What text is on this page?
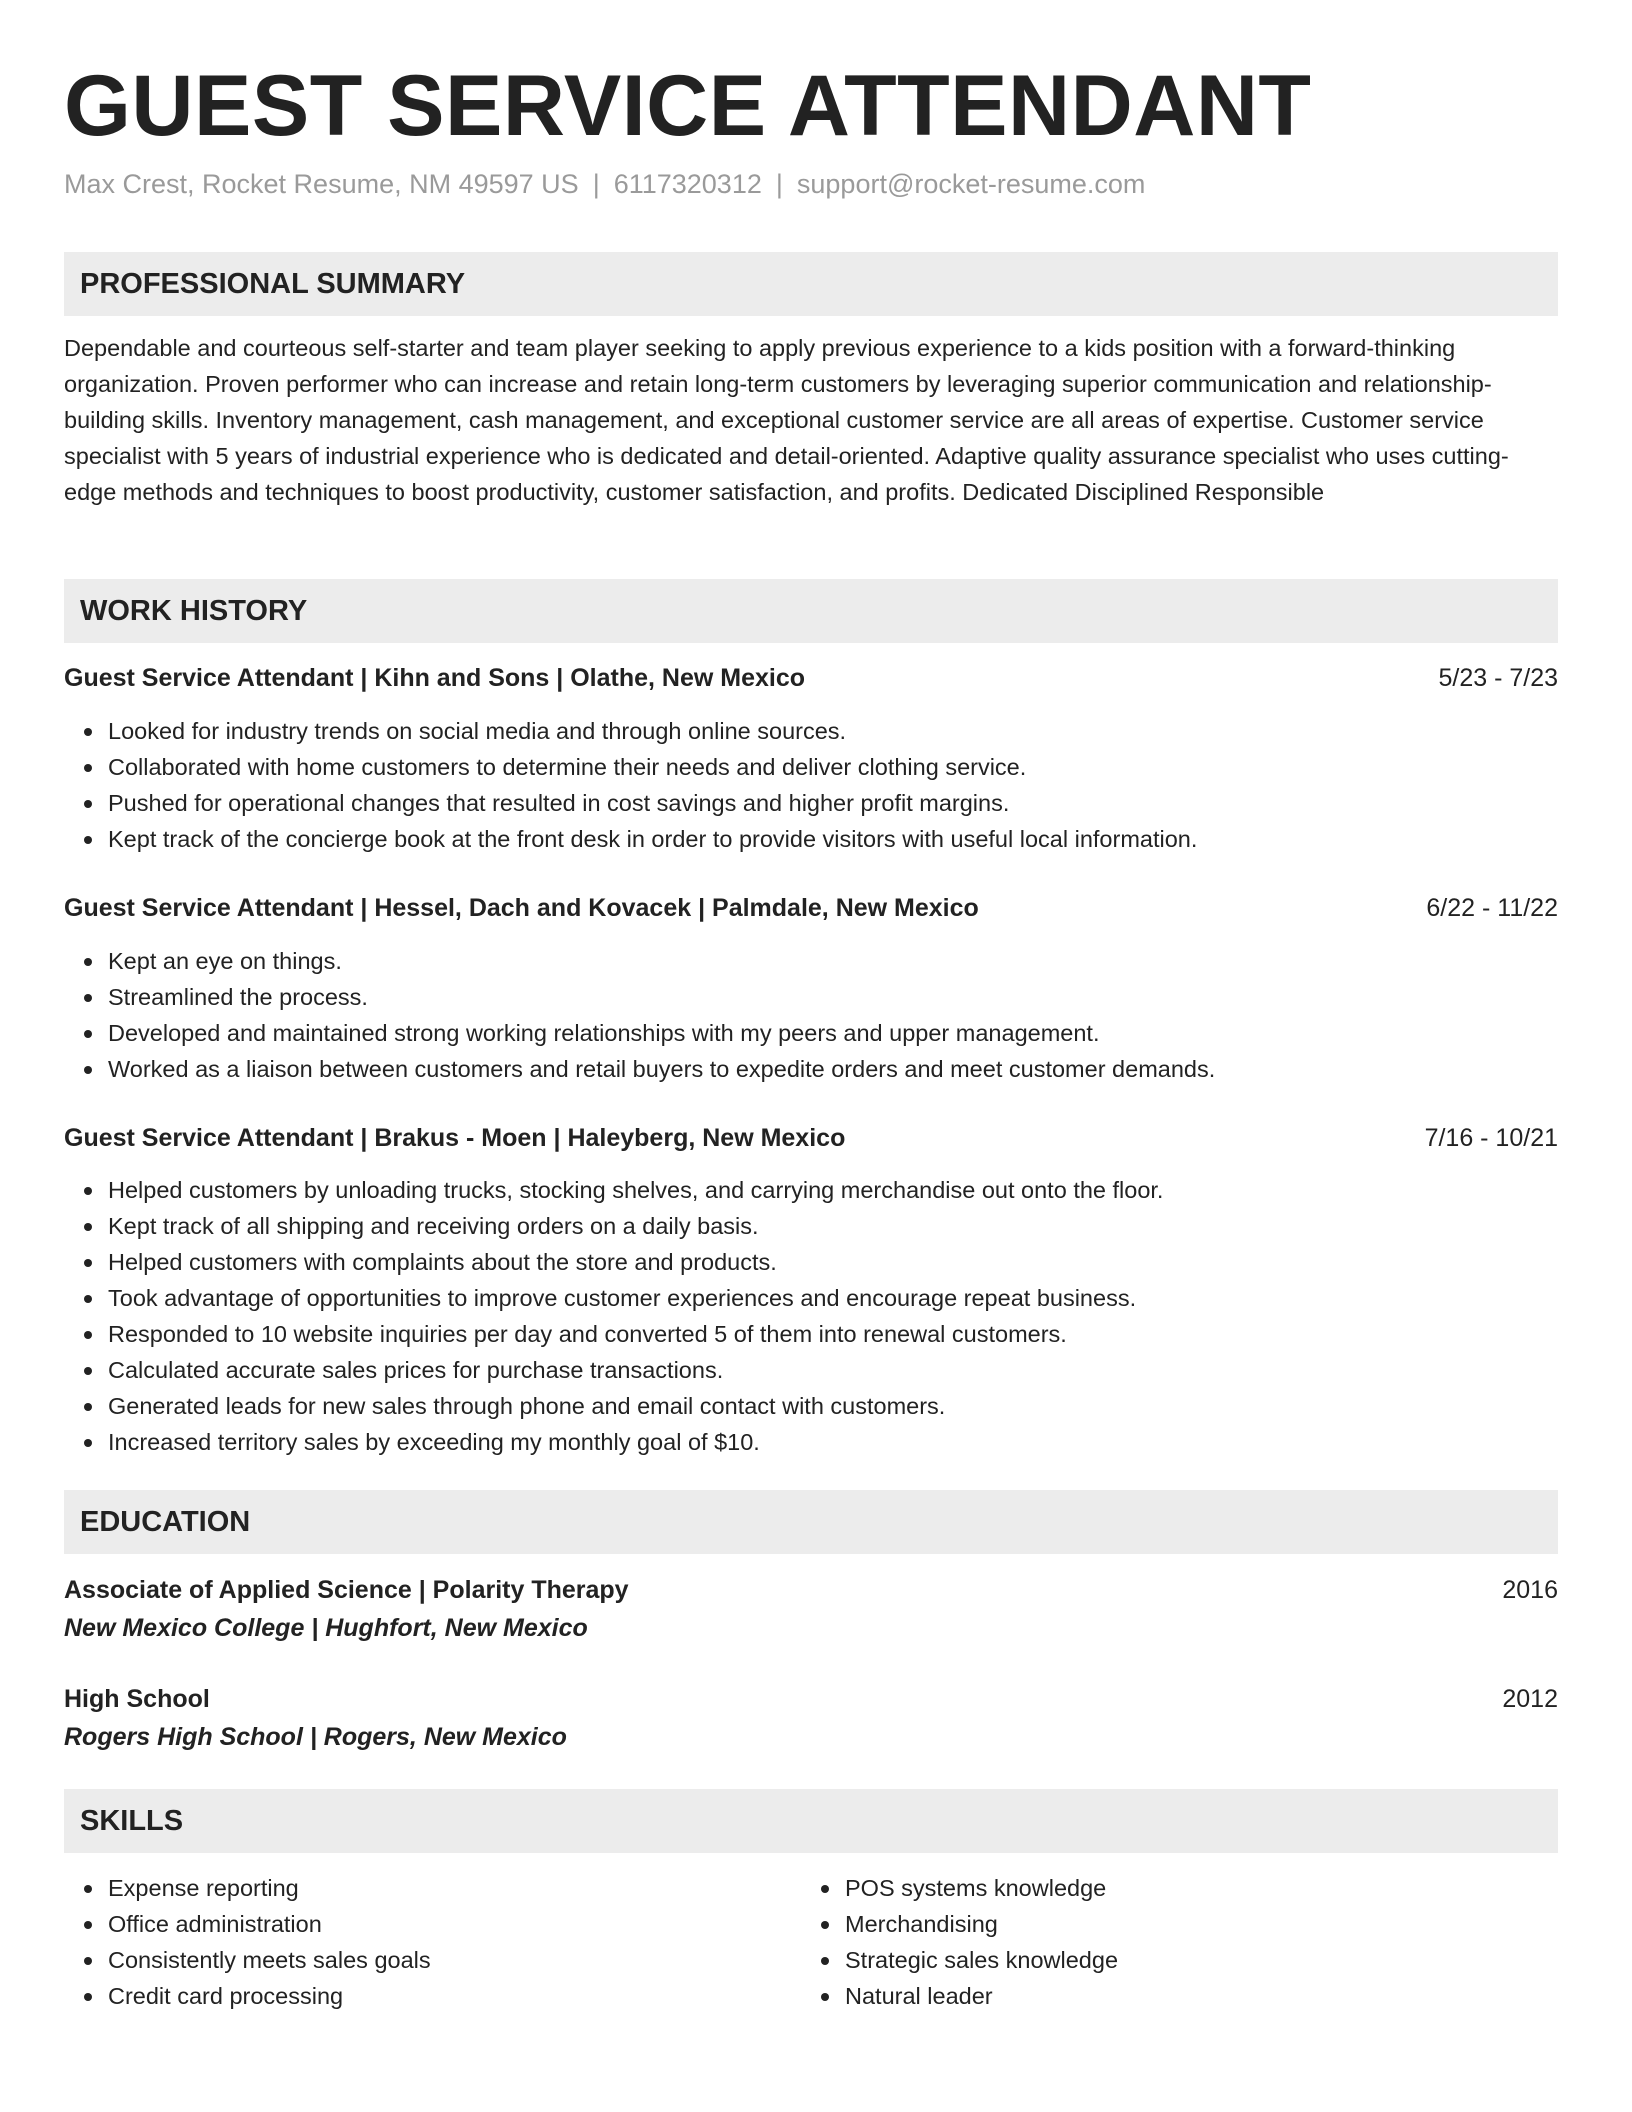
GUEST SERVICE ATTENDANT
Max Crest, Rocket Resume, NM 49597 US | 6117320312 | support@rocket-resume.com
PROFESSIONAL SUMMARY
Dependable and courteous self-starter and team player seeking to apply previous experience to a kids position with a forward-thinking organization. Proven performer who can increase and retain long-term customers by leveraging superior communication and relationship-building skills. Inventory management, cash management, and exceptional customer service are all areas of expertise. Customer service specialist with 5 years of industrial experience who is dedicated and detail-oriented. Adaptive quality assurance specialist who uses cutting-edge methods and techniques to boost productivity, customer satisfaction, and profits. Dedicated Disciplined Responsible
WORK HISTORY
Guest Service Attendant | Kihn and Sons | Olathe, New Mexico	5/23 - 7/23
Looked for industry trends on social media and through online sources.
Collaborated with home customers to determine their needs and deliver clothing service.
Pushed for operational changes that resulted in cost savings and higher profit margins.
Kept track of the concierge book at the front desk in order to provide visitors with useful local information.
Guest Service Attendant | Hessel, Dach and Kovacek | Palmdale, New Mexico	6/22 - 11/22
Kept an eye on things.
Streamlined the process.
Developed and maintained strong working relationships with my peers and upper management.
Worked as a liaison between customers and retail buyers to expedite orders and meet customer demands.
Guest Service Attendant | Brakus - Moen | Haleyberg, New Mexico	7/16 - 10/21
Helped customers by unloading trucks, stocking shelves, and carrying merchandise out onto the floor.
Kept track of all shipping and receiving orders on a daily basis.
Helped customers with complaints about the store and products.
Took advantage of opportunities to improve customer experiences and encourage repeat business.
Responded to 10 website inquiries per day and converted 5 of them into renewal customers.
Calculated accurate sales prices for purchase transactions.
Generated leads for new sales through phone and email contact with customers.
Increased territory sales by exceeding my monthly goal of $10.
EDUCATION
Associate of Applied Science | Polarity Therapy	2016
New Mexico College | Hughfort, New Mexico
High School	2012
Rogers High School | Rogers, New Mexico
SKILLS
Expense reporting
Office administration
Consistently meets sales goals
Credit card processing
POS systems knowledge
Merchandising
Strategic sales knowledge
Natural leader
